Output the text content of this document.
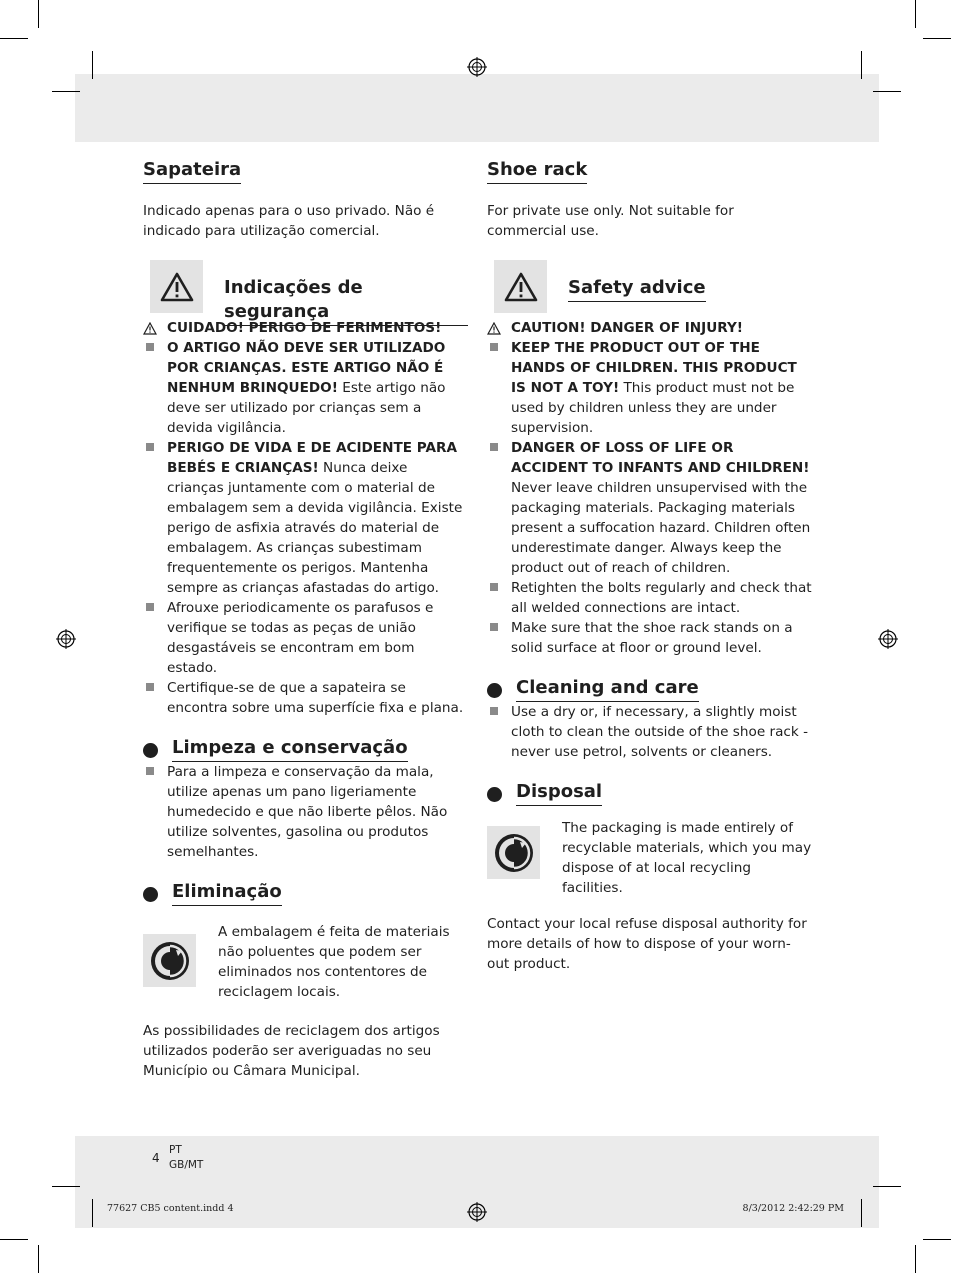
Sapateira

Indicado apenas para o uso privado. Não é indicado para utilização comercial.

Indicações de segurança
CUIDADO! PERIGO DE FERIMENTOS!
O ARTIGO NÃO DEVE SER UTILIZADO POR CRIANÇAS. ESTE ARTIGO NÃO É NENHUM BRINQUEDO! Este artigo não deve ser utilizado por crianças sem a devida vigilância.
PERIGO DE VIDA E DE ACIDENTE PARA BEBÉS E CRIANÇAS! Nunca deixe crianças juntamente com o material de embalagem sem a devida vigilância. Existe perigo de asfixia através do material de embalagem. As crianças subestimam frequentemente os perigos. Mantenha sempre as crianças afastadas do artigo.
Afrouxe periodicamente os parafusos e verifique se todas as peças de união desgastáveis se encontram em bom estado.
Certifique-se de que a sapateira se encontra sobre uma superfície fixa e plana.
Limpeza e conservação
Para a limpeza e conservação da mala, utilize apenas um pano ligeriamente humedecido e que não liberte pêlos. Não utilize solventes, gasolina ou produtos semelhantes.
Eliminação

A embalagem é feita de materiais não poluentes que podem ser eliminados nos contentores de reciclagem locais.

As possibilidades de reciclagem dos artigos utilizados poderão ser averiguadas no seu Município ou Câmara Municipal.

Shoe rack

For private use only. Not suitable for commercial use.

Safety advice
CAUTION! DANGER OF INJURY!
KEEP THE PRODUCT OUT OF THE HANDS OF CHILDREN. THIS PRODUCT IS NOT A TOY! This product must not be used by children unless they are under supervision.
DANGER OF LOSS OF LIFE OR ACCIDENT TO INFANTS AND CHILDREN! Never leave children unsupervised with the packaging materials. Packaging materials present a suffocation hazard. Children often underestimate danger. Always keep the product out of reach of children.
Retighten the bolts regularly and check that all welded connections are intact.
Make sure that the shoe rack stands on a solid surface at floor or ground level.
Cleaning and care
Use a dry or, if necessary, a slightly moist cloth to clean the outside of the shoe rack - never use petrol, solvents or cleaners.
Disposal

The packaging is made entirely of recyclable materials, which you may dispose of at local recycling facilities.

Contact your local refuse disposal authority for more details of how to dispose of your worn-out product.

4
PT
GB/MT
77627 CB5 content.indd 4	8/3/2012 2:42:29 PM
